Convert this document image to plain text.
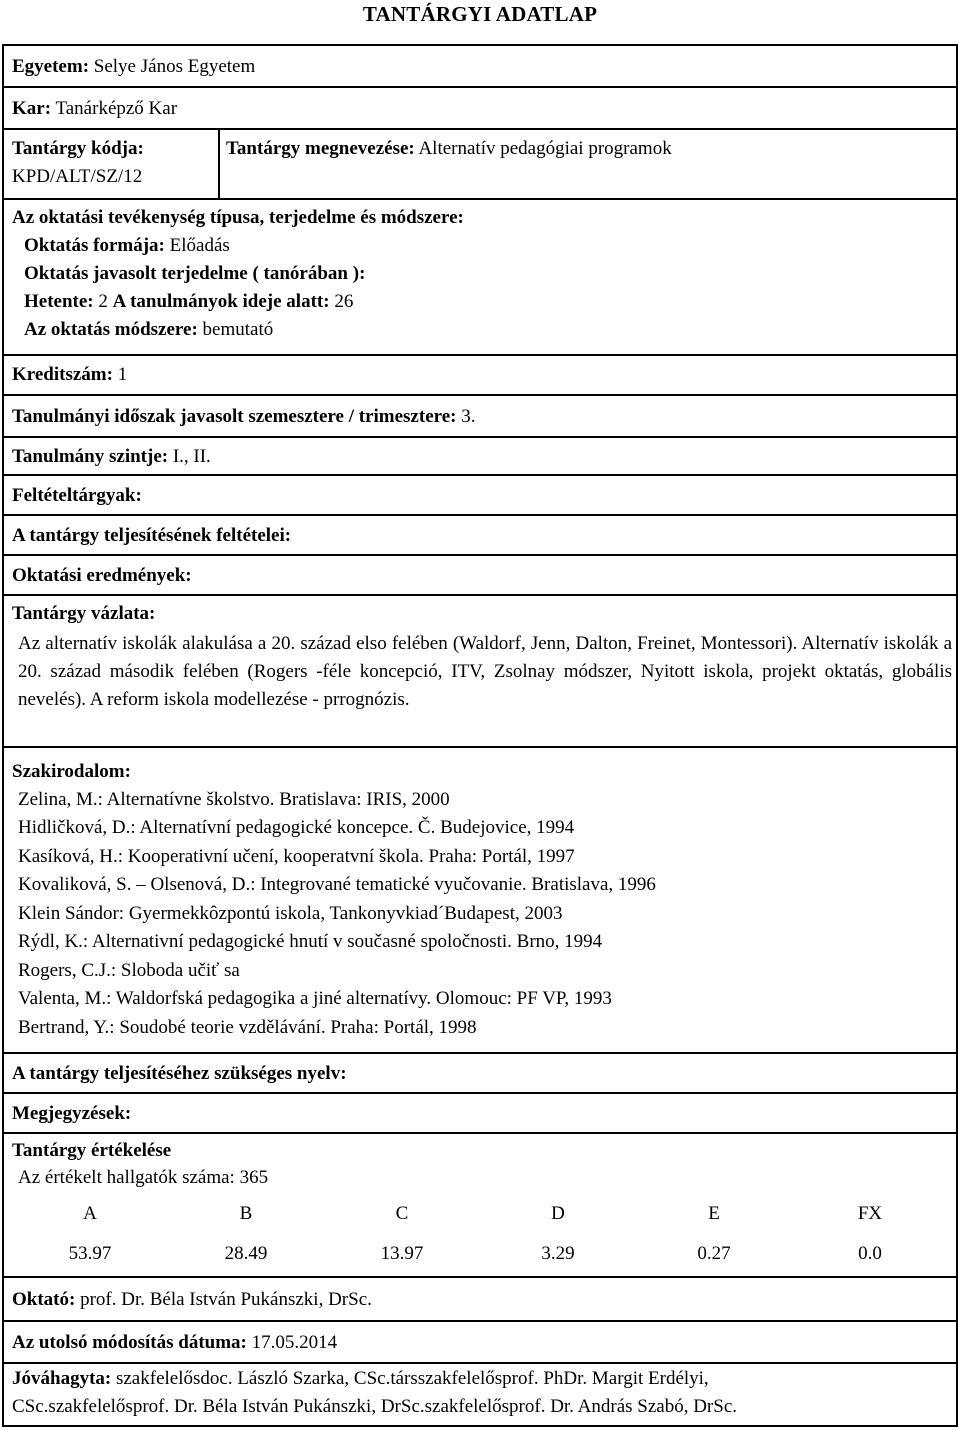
TANTÁRGYI ADATLAP
Egyetem: Selye János Egyetem
Kar: Tanárképző Kar
Tantárgy kódja:
KPD/ALT/SZ/12
Tantárgy megnevezése: Alternatív pedagógiai programok
Az oktatási tevékenység típusa, terjedelme és módszere:
Oktatás formája: Előadás
Oktatás javasolt terjedelme ( tanórában ):
Hetente: 2 A tanulmányok ideje alatt: 26
Az oktatás módszere: bemutató
Kreditszám: 1
Tanulmányi időszak javasolt szemesztere / trimesztere: 3.
Tanulmány szintje: I., II.
Feltételtárgyak:
A tantárgy teljesítésének feltételei:
Oktatási eredmények:
Tantárgy vázlata:
Az alternatív iskolák alakulása a 20. század elso felében (Waldorf, Jenn, Dalton, Freinet, Montessori). Alternatív iskolák a 20. század második felében (Rogers -féle koncepció, ITV, Zsolnay módszer, Nyitott iskola, projekt oktatás, globális nevelés). A reform iskola modellezése - prrognózis.
Szakirodalom:
Zelina, M.: Alternatívne školstvo. Bratislava: IRIS, 2000
Hidličková, D.: Alternatívní pedagogické koncepce. Č. Budejovice, 1994
Kasíková, H.: Kooperativní učení, kooperatvní škola. Praha: Portál, 1997
Kovaliková, S. – Olsenová, D.: Integrované tematické vyučovanie. Bratislava, 1996
Klein Sándor: Gyermekkôzpontú iskola, Tankonyvkiad´Budapest, 2003
Rýdl, K.: Alternativní pedagogické hnutí v současné spoločnosti. Brno, 1994
Rogers, C.J.: Sloboda učiť sa
Valenta, M.: Waldorfská pedagogika a jiné alternatívy. Olomouc: PF VP, 1993
Bertrand, Y.: Soudobé teorie vzdělávání. Praha: Portál, 1998
A tantárgy teljesítéséhez szükséges nyelv:
Megjegyzések:
Tantárgy értékelése
Az értékelt hallgatók száma: 365
A	B	C	D	E	FX
53.97	28.49	13.97	3.29	0.27	0.0
Oktató: prof. Dr. Béla István Pukánszki, DrSc.
Az utolsó módosítás dátuma: 17.05.2014
Jóváhagyta: szakfelelősdoc. László Szarka, CSc.társszakfelelősprof. PhDr. Margit Erdélyi,
CSc.szakfelelősprof. Dr. Béla István Pukánszki, DrSc.szakfelelősprof. Dr. András Szabó, DrSc.
